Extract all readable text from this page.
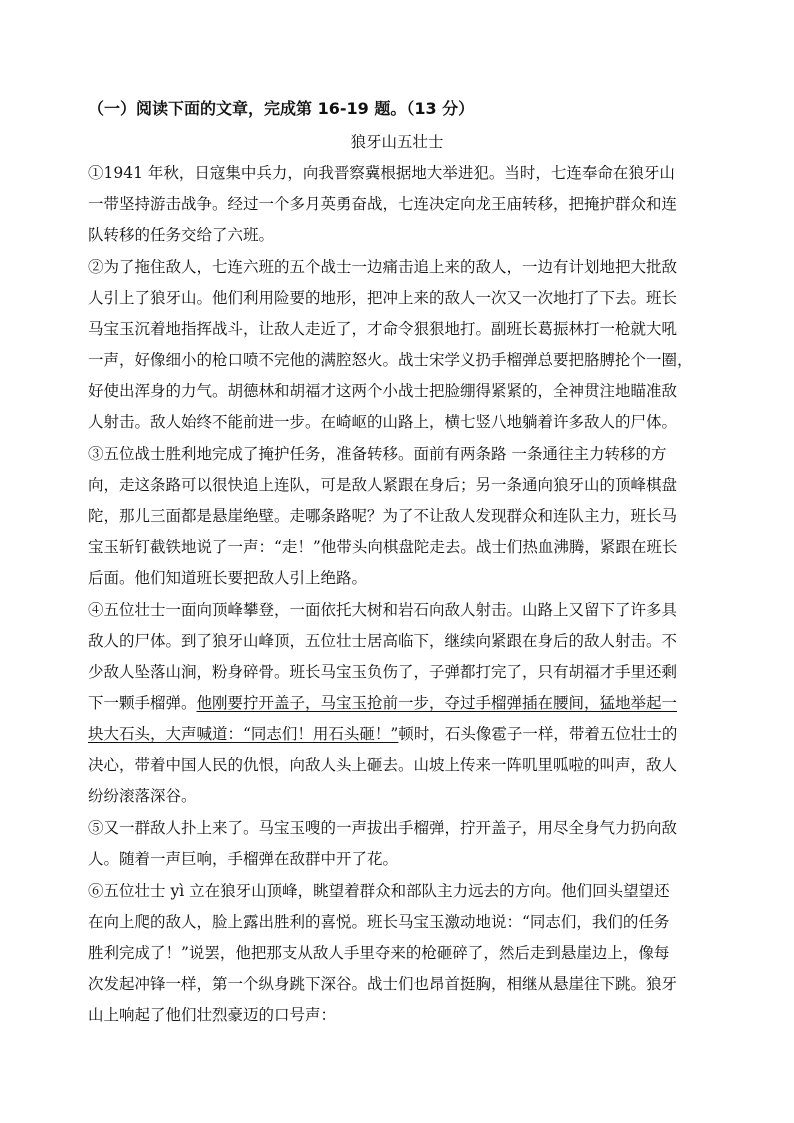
（一）阅读下面的文章，完成第 16-19 题。（13 分）
狼牙山五壮士
①1941 年秋，日寇集中兵力，向我晋察冀根据地大举进犯。当时，七连奉命在狼牙山
一带坚持游击战争。经过一个多月英勇奋战，七连决定向龙王庙转移，把掩护群众和连
队转移的任务交给了六班。
②为了拖住敌人，七连六班的五个战士一边痛击追上来的敌人，一边有计划地把大批敌
人引上了狼牙山。他们利用险要的地形，把冲上来的敌人一次又一次地打了下去。班长
马宝玉沉着地指挥战斗，让敌人走近了，才命令狠狠地打。副班长葛振林打一枪就大吼
一声，好像细小的枪口喷不完他的满腔怒火。战士宋学义扔手榴弹总要把胳膊抡个一圈，
好使出浑身的力气。胡德林和胡福才这两个小战士把脸绷得紧紧的，全神贯注地瞄准敌
人射击。敌人始终不能前进一步。在崎岖的山路上，横七竖八地躺着许多敌人的尸体。
③五位战士胜利地完成了掩护任务，准备转移。面前有两条路 一条通往主力转移的方
向，走这条路可以很快追上连队，可是敌人紧跟在身后；另一条通向狼牙山的顶峰棋盘
陀，那儿三面都是悬崖绝壁。走哪条路呢？为了不让敌人发现群众和连队主力，班长马
宝玉斩钉截铁地说了一声：“走！”他带头向棋盘陀走去。战士们热血沸腾，紧跟在班长
后面。他们知道班长要把敌人引上绝路。
④五位壮士一面向顶峰攀登，一面依托大树和岩石向敌人射击。山路上又留下了许多具
敌人的尸体。到了狼牙山峰顶，五位壮士居高临下，继续向紧跟在身后的敌人射击。不
少敌人坠落山涧，粉身碎骨。班长马宝玉负伤了，子弹都打完了，只有胡福才手里还剩
下一颗手榴弹。他刚要拧开盖子，马宝玉抢前一步，夺过手榴弹插在腰间，猛地举起一
块大石头，大声喊道：“同志们！用石头砸！”顿时，石头像雹子一样，带着五位壮士的
决心，带着中国人民的仇恨，向敌人头上砸去。山坡上传来一阵叽里呱啦的叫声，敌人
纷纷滚落深谷。
⑤又一群敌人扑上来了。马宝玉嗖的一声拔出手榴弹，拧开盖子，用尽全身气力扔向敌
人。随着一声巨响，手榴弹在敌群中开了花。
⑥五位壮士 yì 立在狼牙山顶峰，眺望着群众和部队主力远去的方向。他们回头望望还
在向上爬的敌人，脸上露出胜利的喜悦。班长马宝玉激动地说：“同志们，我们的任务
胜利完成了！”说罢，他把那支从敌人手里夺来的枪砸碎了，然后走到悬崖边上，像每
次发起冲锋一样，第一个纵身跳下深谷。战士们也昂首挺胸，相继从悬崖往下跳。狼牙
山上响起了他们壮烈豪迈的口号声：
